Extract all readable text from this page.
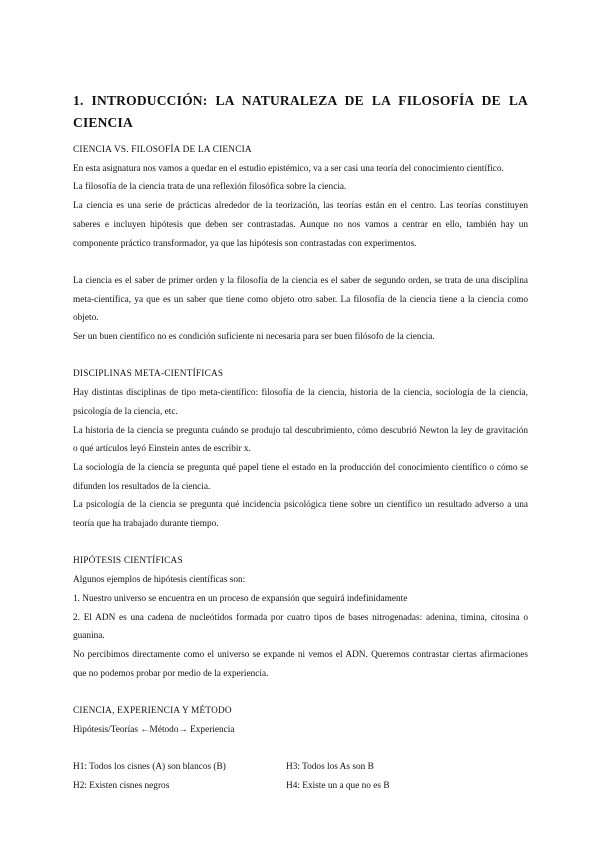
1. INTRODUCCIÓN: LA NATURALEZA DE LA FILOSOFÍA DE LA CIENCIA
CIENCIA VS. FILOSOFÍA DE LA CIENCIA

En esta asignatura nos vamos a quedar en el estudio epistémico, va a ser casi una teoría del conocimiento científico.

La filosofía de la ciencia trata de una reflexión filosófica sobre la ciencia.

La ciencia es una serie de prácticas alrededor de la teorización, las teorías están en el centro. Las teorías constituyen saberes e incluyen hipótesis que deben ser contrastadas. Aunque no nos vamos a centrar en ello, también hay un componente práctico transformador, ya que las hipótesis son contrastadas con experimentos.

La ciencia es el saber de primer orden y la filosofía de la ciencia es el saber de segundo orden, se trata de una disciplina meta-científica, ya que es un saber que tiene como objeto otro saber. La filosofía de la ciencia tiene a la ciencia como objeto.

Ser un buen científico no es condición suficiente ni necesaria para ser buen filósofo de la ciencia.

DISCIPLINAS META-CIENTÍFICAS

Hay distintas disciplinas de tipo meta-científico: filosofía de la ciencia, historia de la ciencia, sociología de la ciencia, psicología de la ciencia, etc.

La historia de la ciencia se pregunta cuándo se produjo tal descubrimiento, cómo descubrió Newton la ley de gravitación o qué artículos leyó Einstein antes de escribir x.

La sociología de la ciencia se pregunta qué papel tiene el estado en la producción del conocimiento científico o cómo se difunden los resultados de la ciencia.

La psicología de la ciencia se pregunta qué incidencia psicológica tiene sobre un científico un resultado adverso a una teoría que ha trabajado durante tiempo.

HIPÓTESIS CIENTÍFICAS

Algunos ejemplos de hipótesis científicas son:

1. Nuestro universo se encuentra en un proceso de expansión que seguirá indefinidamente

2. El ADN es una cadena de nucleótidos formada por cuatro tipos de bases nitrogenadas: adenina, timina, citosina o guanina.

No percibimos directamente como el universo se expande ni vemos el ADN. Queremos contrastar ciertas afirmaciones que no podemos probar por medio de la experiencia.

CIENCIA, EXPERIENCIA Y MÉTODO

Hipótesis/Teorías ←Método→ Experiencia

H1: Todos los cisnes (A) son blancos (B)	H3: Todos los As son B
H2: Existen cisnes negros	H4: Existe un a que no es B
